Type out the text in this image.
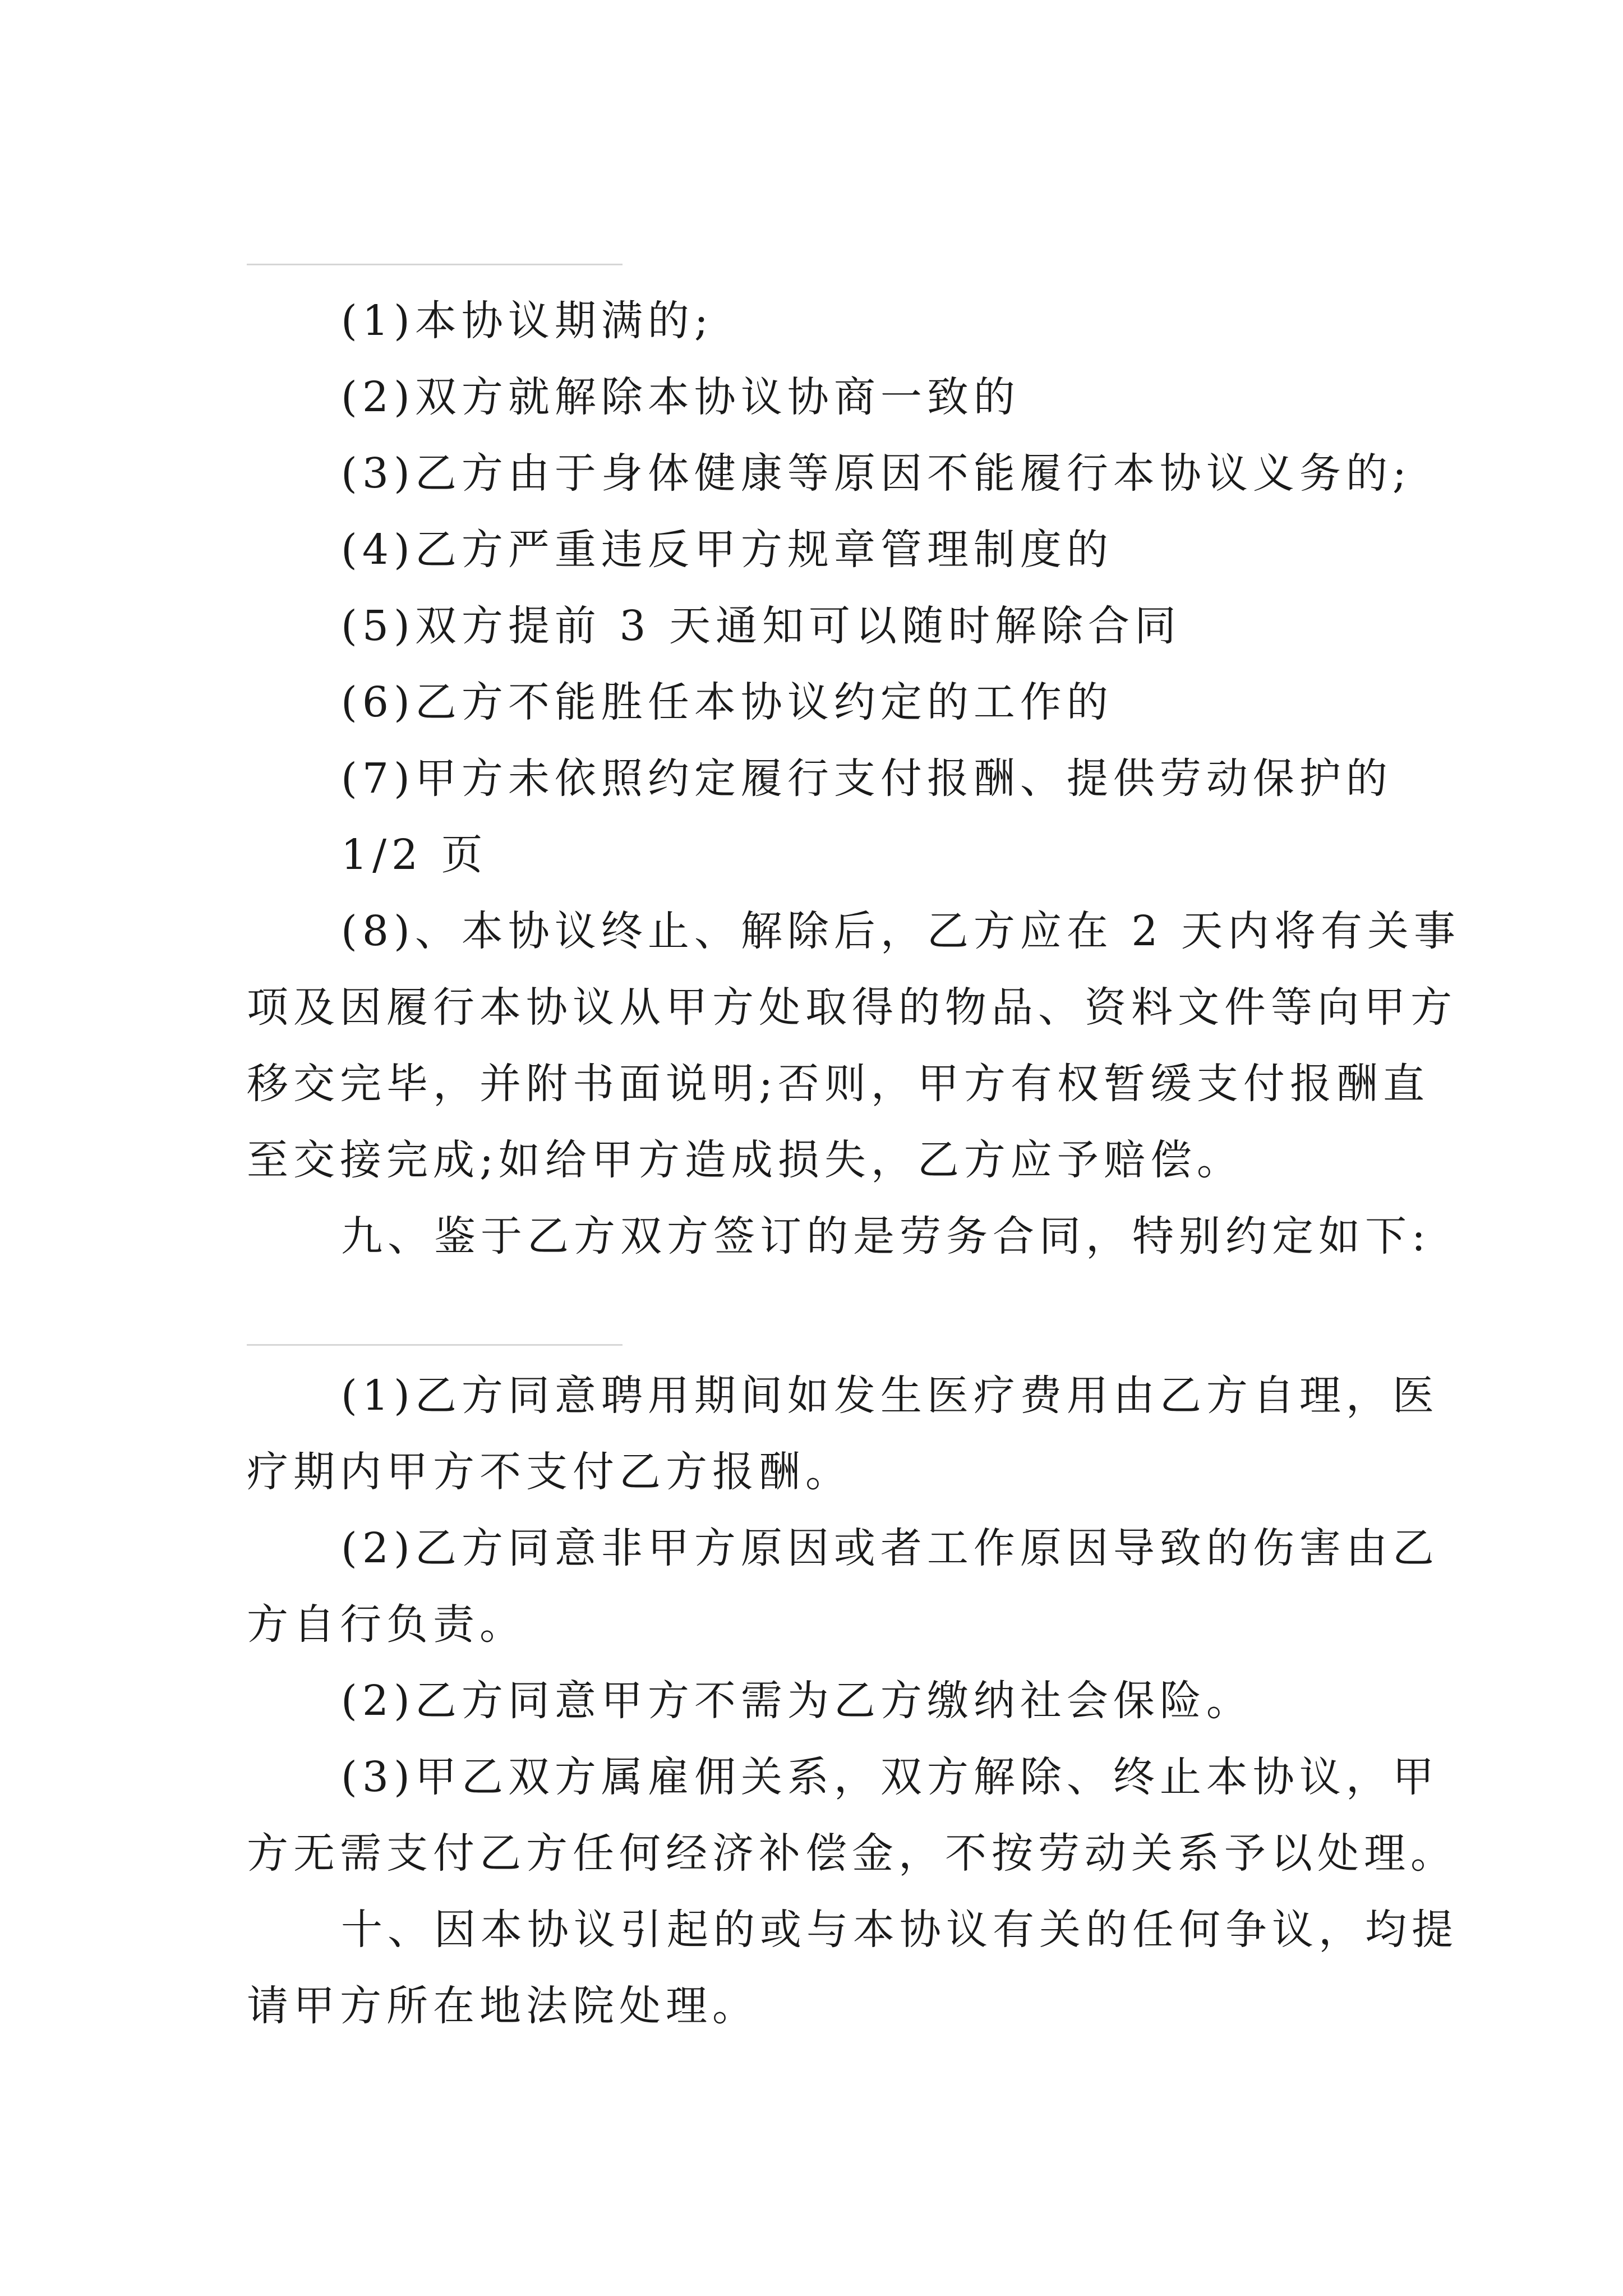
(1)本协议期满的;

(2)双方就解除本协议协商一致的

(3)乙方由于身体健康等原因不能履行本协议义务的;

(4)乙方严重违反甲方规章管理制度的

(5)双方提前 3 天通知可以随时解除合同

(6)乙方不能胜任本协议约定的工作的

(7)甲方未依照约定履行支付报酬、提供劳动保护的

1/2 页

(8)、本协议终止、解除后，乙方应在 2 天内将有关事

项及因履行本协议从甲方处取得的物品、资料文件等向甲方

移交完毕，并附书面说明;否则，甲方有权暂缓支付报酬直

至交接完成;如给甲方造成损失，乙方应予赔偿。

九、鉴于乙方双方签订的是劳务合同，特别约定如下:

(1)乙方同意聘用期间如发生医疗费用由乙方自理，医

疗期内甲方不支付乙方报酬。

(2)乙方同意非甲方原因或者工作原因导致的伤害由乙

方自行负责。

(2)乙方同意甲方不需为乙方缴纳社会保险。

(3)甲乙双方属雇佣关系，双方解除、终止本协议，甲

方无需支付乙方任何经济补偿金，不按劳动关系予以处理。

十、因本协议引起的或与本协议有关的任何争议，均提

请甲方所在地法院处理。
